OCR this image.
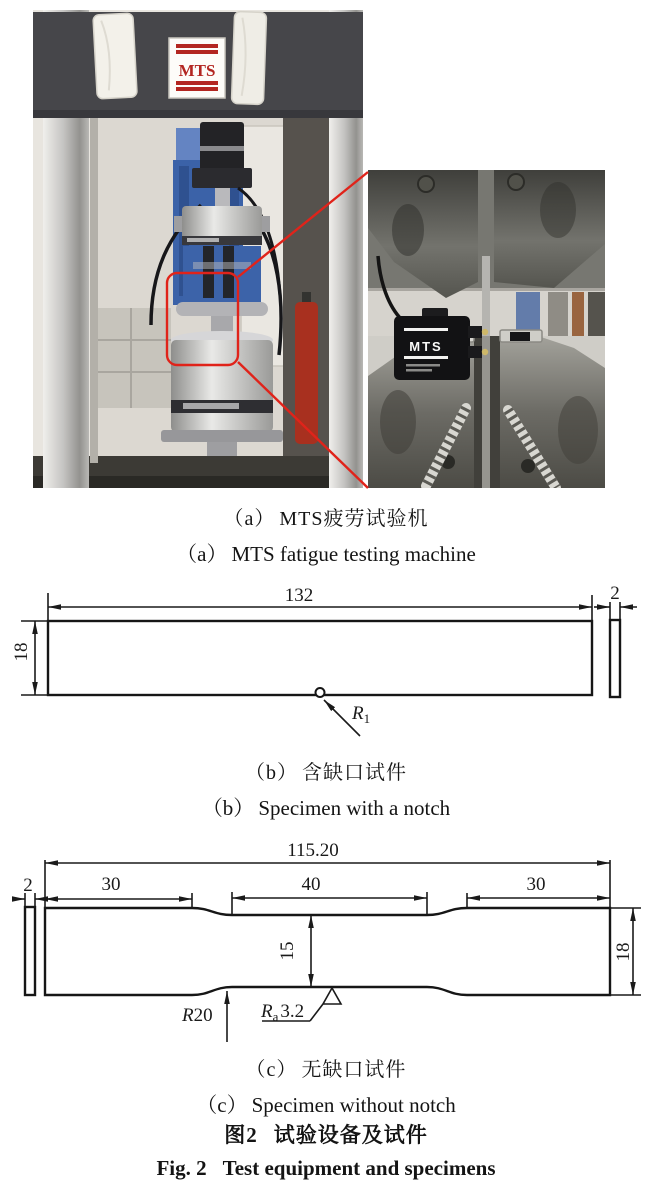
MTS
MTS
132
18
2
$R_1$
2
115.20
30	40	30
15	18
R20	$R_a$ 3.2
（a） MTS疲劳试验机
（a） MTS fatigue testing machine
（b） 含缺口试件
（b） Specimen with a notch
（c） 无缺口试件
（c） Specimen without notch
图2 试验设备及试件
Fig. 2 Test equipment and specimens
